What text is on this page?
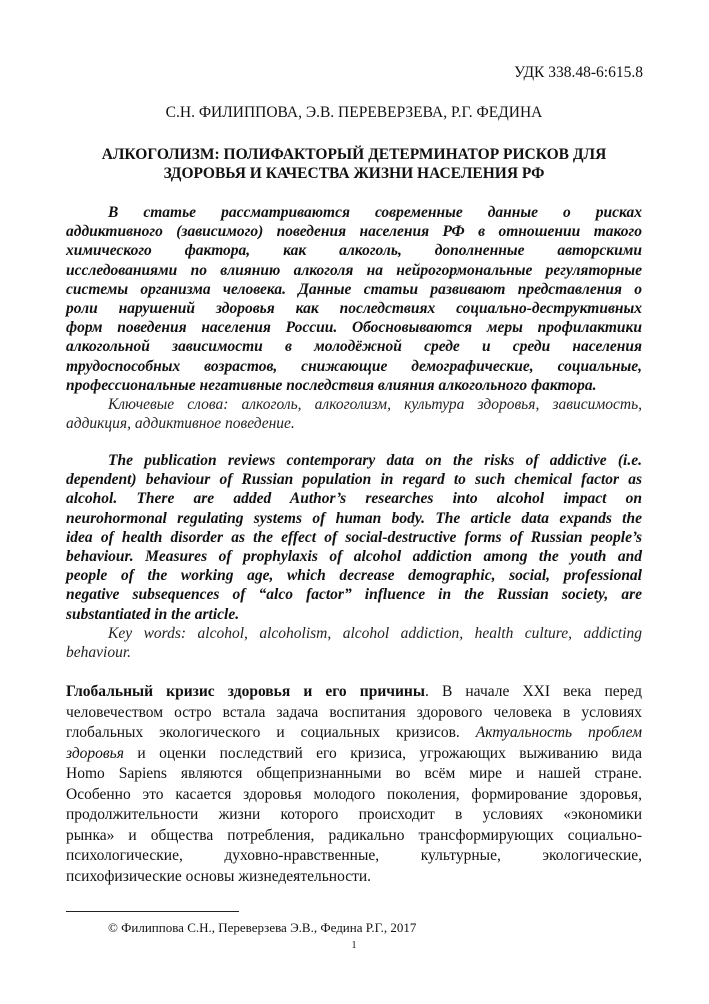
УДК 338.48-6:615.8
С.Н. ФИЛИППОВА, Э.В. ПЕРЕВЕРЗЕВА, Р.Г. ФЕДИНА
АЛКОГОЛИЗМ: ПОЛИФАКТОРЫЙ ДЕТЕРМИНАТОР РИСКОВ ДЛЯ
ЗДОРОВЬЯ И КАЧЕСТВА ЖИЗНИ НАСЕЛЕНИЯ РФ
В статье рассматриваются современные данные о рисках
аддиктивного (зависимого) поведения населения РФ в отношении такого
химического фактора, как алкоголь, дополненные авторскими
исследованиями по влиянию алкоголя на нейрогормональные регуляторные
системы организма человека. Данные статьи развивают представления о
роли нарушений здоровья как последствиях социально-деструктивных
форм поведения населения России. Обосновываются меры профилактики
алкогольной зависимости в молодёжной среде и среди населения
трудоспособных возрастов, снижающие демографические, социальные,
профессиональные негативные последствия влияния алкогольного фактора.
Ключевые слова: алкоголь, алкоголизм, культура здоровья, зависимость,
аддикция, аддиктивное поведение.
The publication reviews contemporary data on the risks of addictive (i.e.
dependent) behaviour of Russian population in regard to such chemical factor as
alcohol. There are added Author’s researches into alcohol impact on
neurohormonal regulating systems of human body. The article data expands the
idea of health disorder as the effect of social-destructive forms of Russian people’s
behaviour. Measures of prophylaxis of alcohol addiction among the youth and
people of the working age, which decrease demographic, social, professional
negative subsequences of “alco factor” influence in the Russian society, are
substantiated in the article.
Key words: alcohol, alcoholism, alcohol addiction, health culture, addicting
behaviour.
Глобальный кризис здоровья и его причины. В начале XXI века перед
человечеством остро встала задача воспитания здорового человека в условиях
глобальных экологического и социальных кризисов. Актуальность проблем
здоровья и оценки последствий его кризиса, угрожающих выживанию вида
Homo Sapiens являются общепризнанными во всём мире и нашей стране.
Особенно это касается здоровья молодого поколения, формирование здоровья,
продолжительности жизни которого происходит в условиях «экономики
рынка» и общества потребления, радикально трансформирующих социально-
психологические, духовно-нравственные, культурные, экологические,
психофизические основы жизнедеятельности.
© Филиппова С.Н., Переверзева Э.В., Федина Р.Г., 2017
1
